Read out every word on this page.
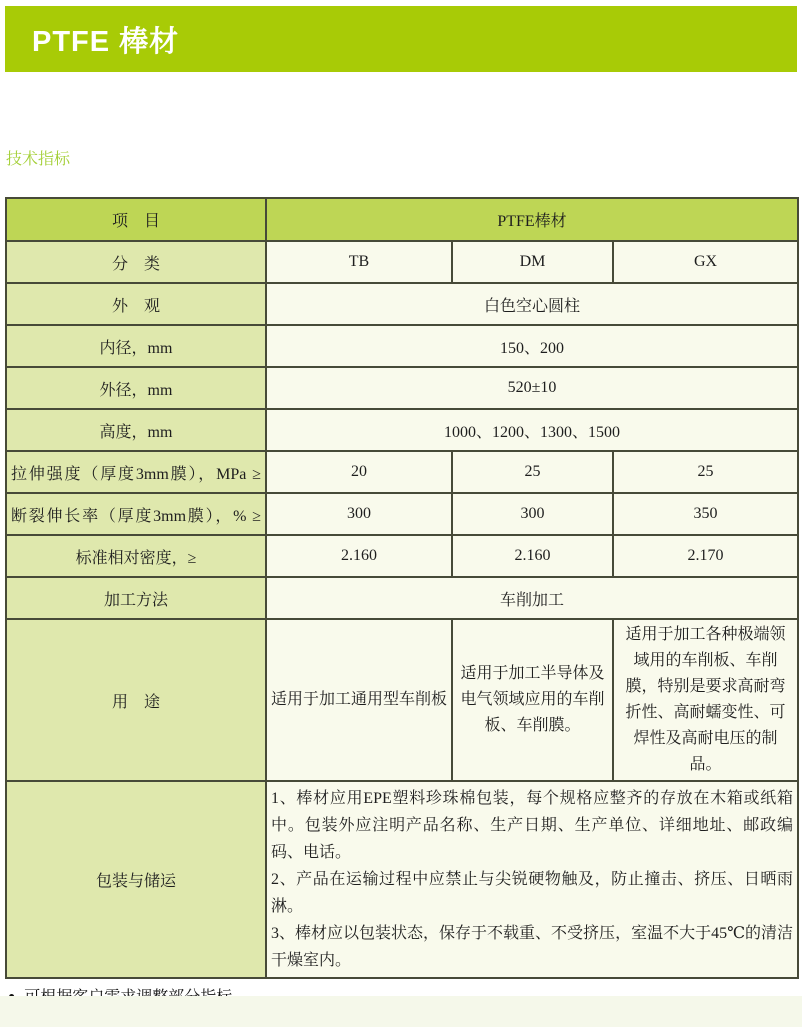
PTFE 棒材
技术指标
项　目	PTFE棒材		
分　类	TB	DM	GX
外　观	白色空心圆柱		
内径，mm	150、200		
外径，mm	520±10		
高度，mm	1000、1200、1300、1500		
拉伸强度（厚度3mm膜），MPa ≥	20	25	25
断裂伸长率（厚度3mm膜），% ≥	300	300	350
标准相对密度，≥	2.160	2.160	2.170
加工方法	车削加工		
用　途	适用于加工通用型车削板	适用于加工半导体及电气领域应用的车削板、车削膜。	适用于加工各种极端领域用的车削板、车削膜，特别是要求高耐弯折性、高耐蠕变性、可焊性及高耐电压的制品。
包装与储运	1、棒材应用EPE塑料珍珠棉包装，每个规格应整齐的存放在木箱或纸箱中。包装外应注明产品名称、生产日期、生产单位、详细地址、邮政编码、电话。
2、产品在运输过程中应禁止与尖锐硬物触及，防止撞击、挤压、日晒雨淋。
3、棒材应以包装状态，保存于不载重、不受挤压，室温不大于45℃的清洁干燥室内。		
